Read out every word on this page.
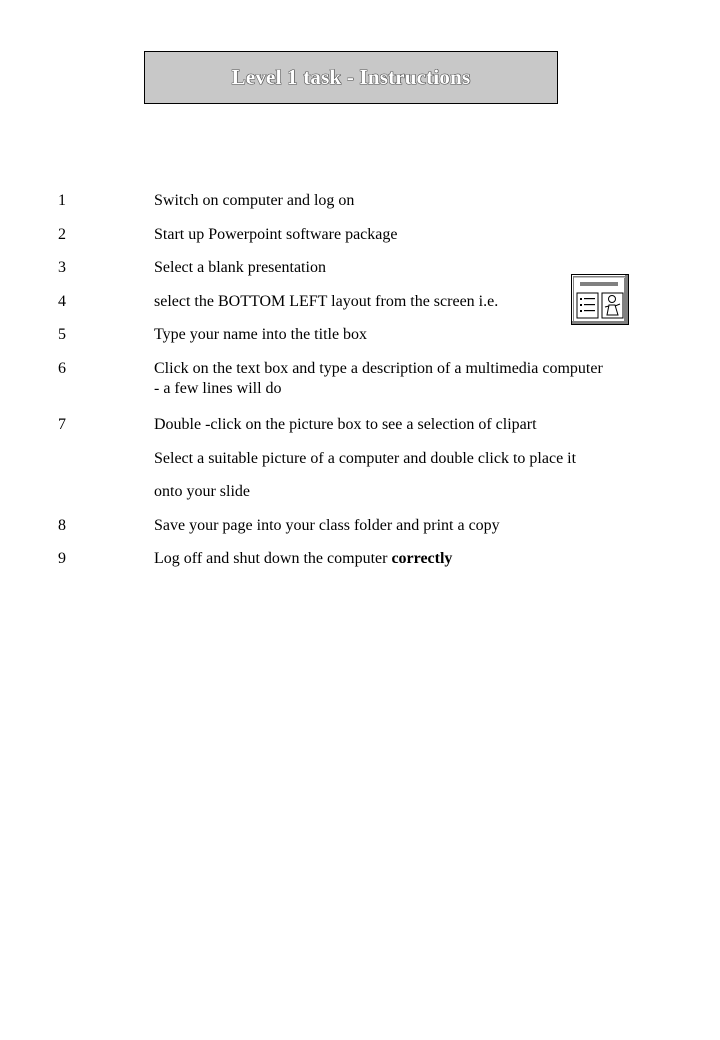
Level 1 task - Instructions
1	Switch on computer and log on
2	Start up Powerpoint software package
3	Select a blank presentation
4	select the BOTTOM LEFT layout from the screen i.e.
5	Type your name into the title box
6	Click on the text box and type a description of a multimedia computer
- a few lines will do
7	Double -click on the picture box to see a selection of clipart
Select a suitable picture of a computer and double click to place it
onto your slide
8	Save your page into your class folder and print a copy
9	Log off and shut down the computer correctly
